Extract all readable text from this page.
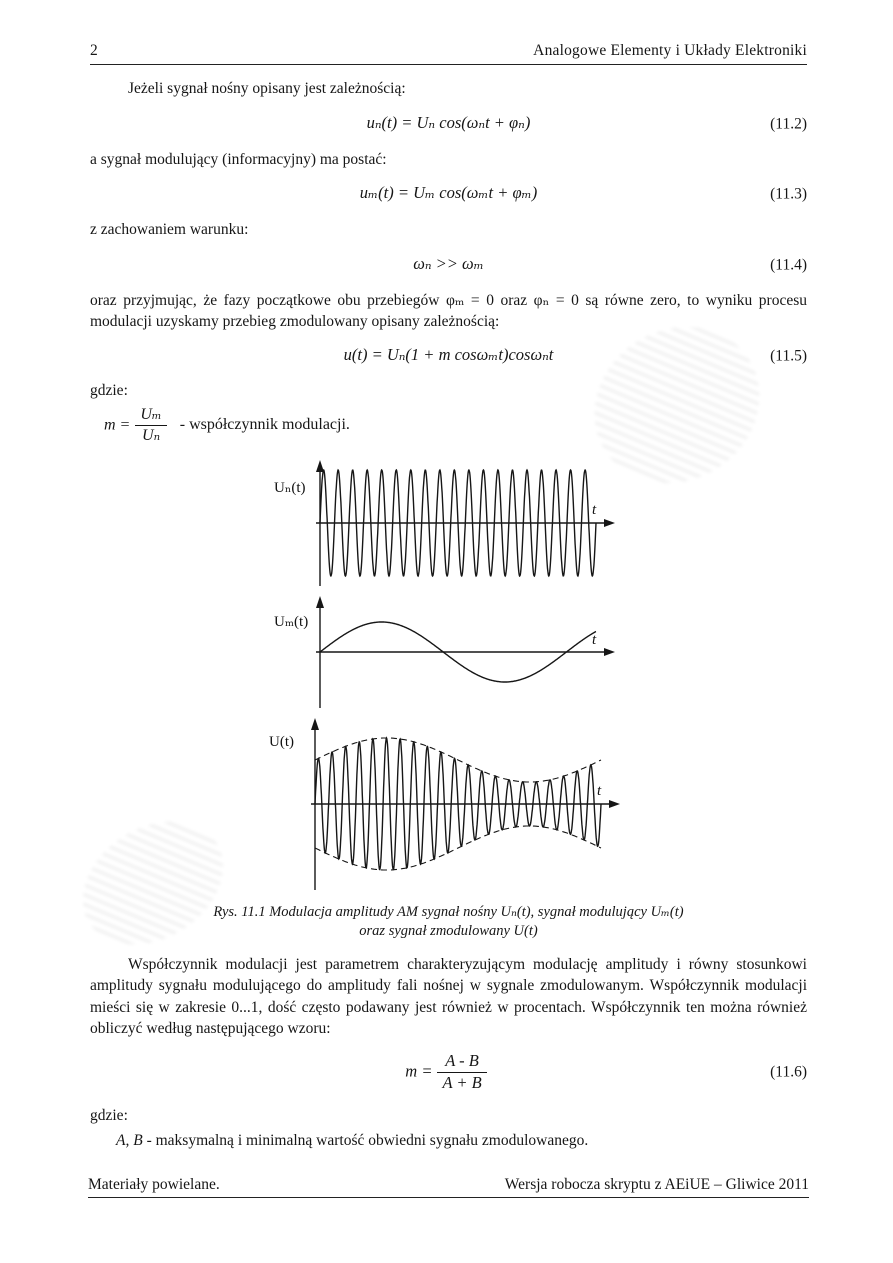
2	Analogowe Elementy i Układy Elektroniki

Jeżeli sygnał nośny opisany jest zależnością:

uₙ(t) = Uₙ cos(ωₙt + φₙ)	(11.2)

a sygnał modulujący (informacyjny) ma postać:

uₘ(t) = Uₘ cos(ωₘt + φₘ)	(11.3)

z zachowaniem warunku:

ωₙ >> ωₘ	(11.4)

oraz przyjmując, że fazy początkowe obu przebiegów φₘ = 0 oraz φₙ = 0 są równe zero, to wyniku procesu modulacji uzyskamy przebieg zmodulowany opisany zależnością:

u(t) = Uₙ(1 + m cosωₘt)cosωₙt	(11.5)

gdzie:

$m = \frac{\text{Uₘ}}{\text{Uₙ}}$ - współczynnik modulacji.
Uₙ(t)
t
Uₘ(t)
t
U(t)
t
Rys. 11.1 Modulacja amplitudy AM sygnał nośny Uₙ(t), sygnał modulujący Uₘ(t)
oraz sygnał zmodulowany U(t)

Współczynnik modulacji jest parametrem charakteryzującym modulację amplitudy i równy stosunkowi amplitudy sygnału modulującego do amplitudy fali nośnej w sygnale zmodulowanym. Współczynnik modulacji mieści się w zakresie 0...1, dość często podawany jest również w procentach. Współczynnik ten można również obliczyć według następującego wzoru:

$m = \frac{A - B}{A + B}$	(11.6)

gdzie:

A, B - maksymalną i minimalną wartość obwiedni sygnału zmodulowanego.

Materiały powielane.	Wersja robocza skryptu z AEiUE – Gliwice 2011
